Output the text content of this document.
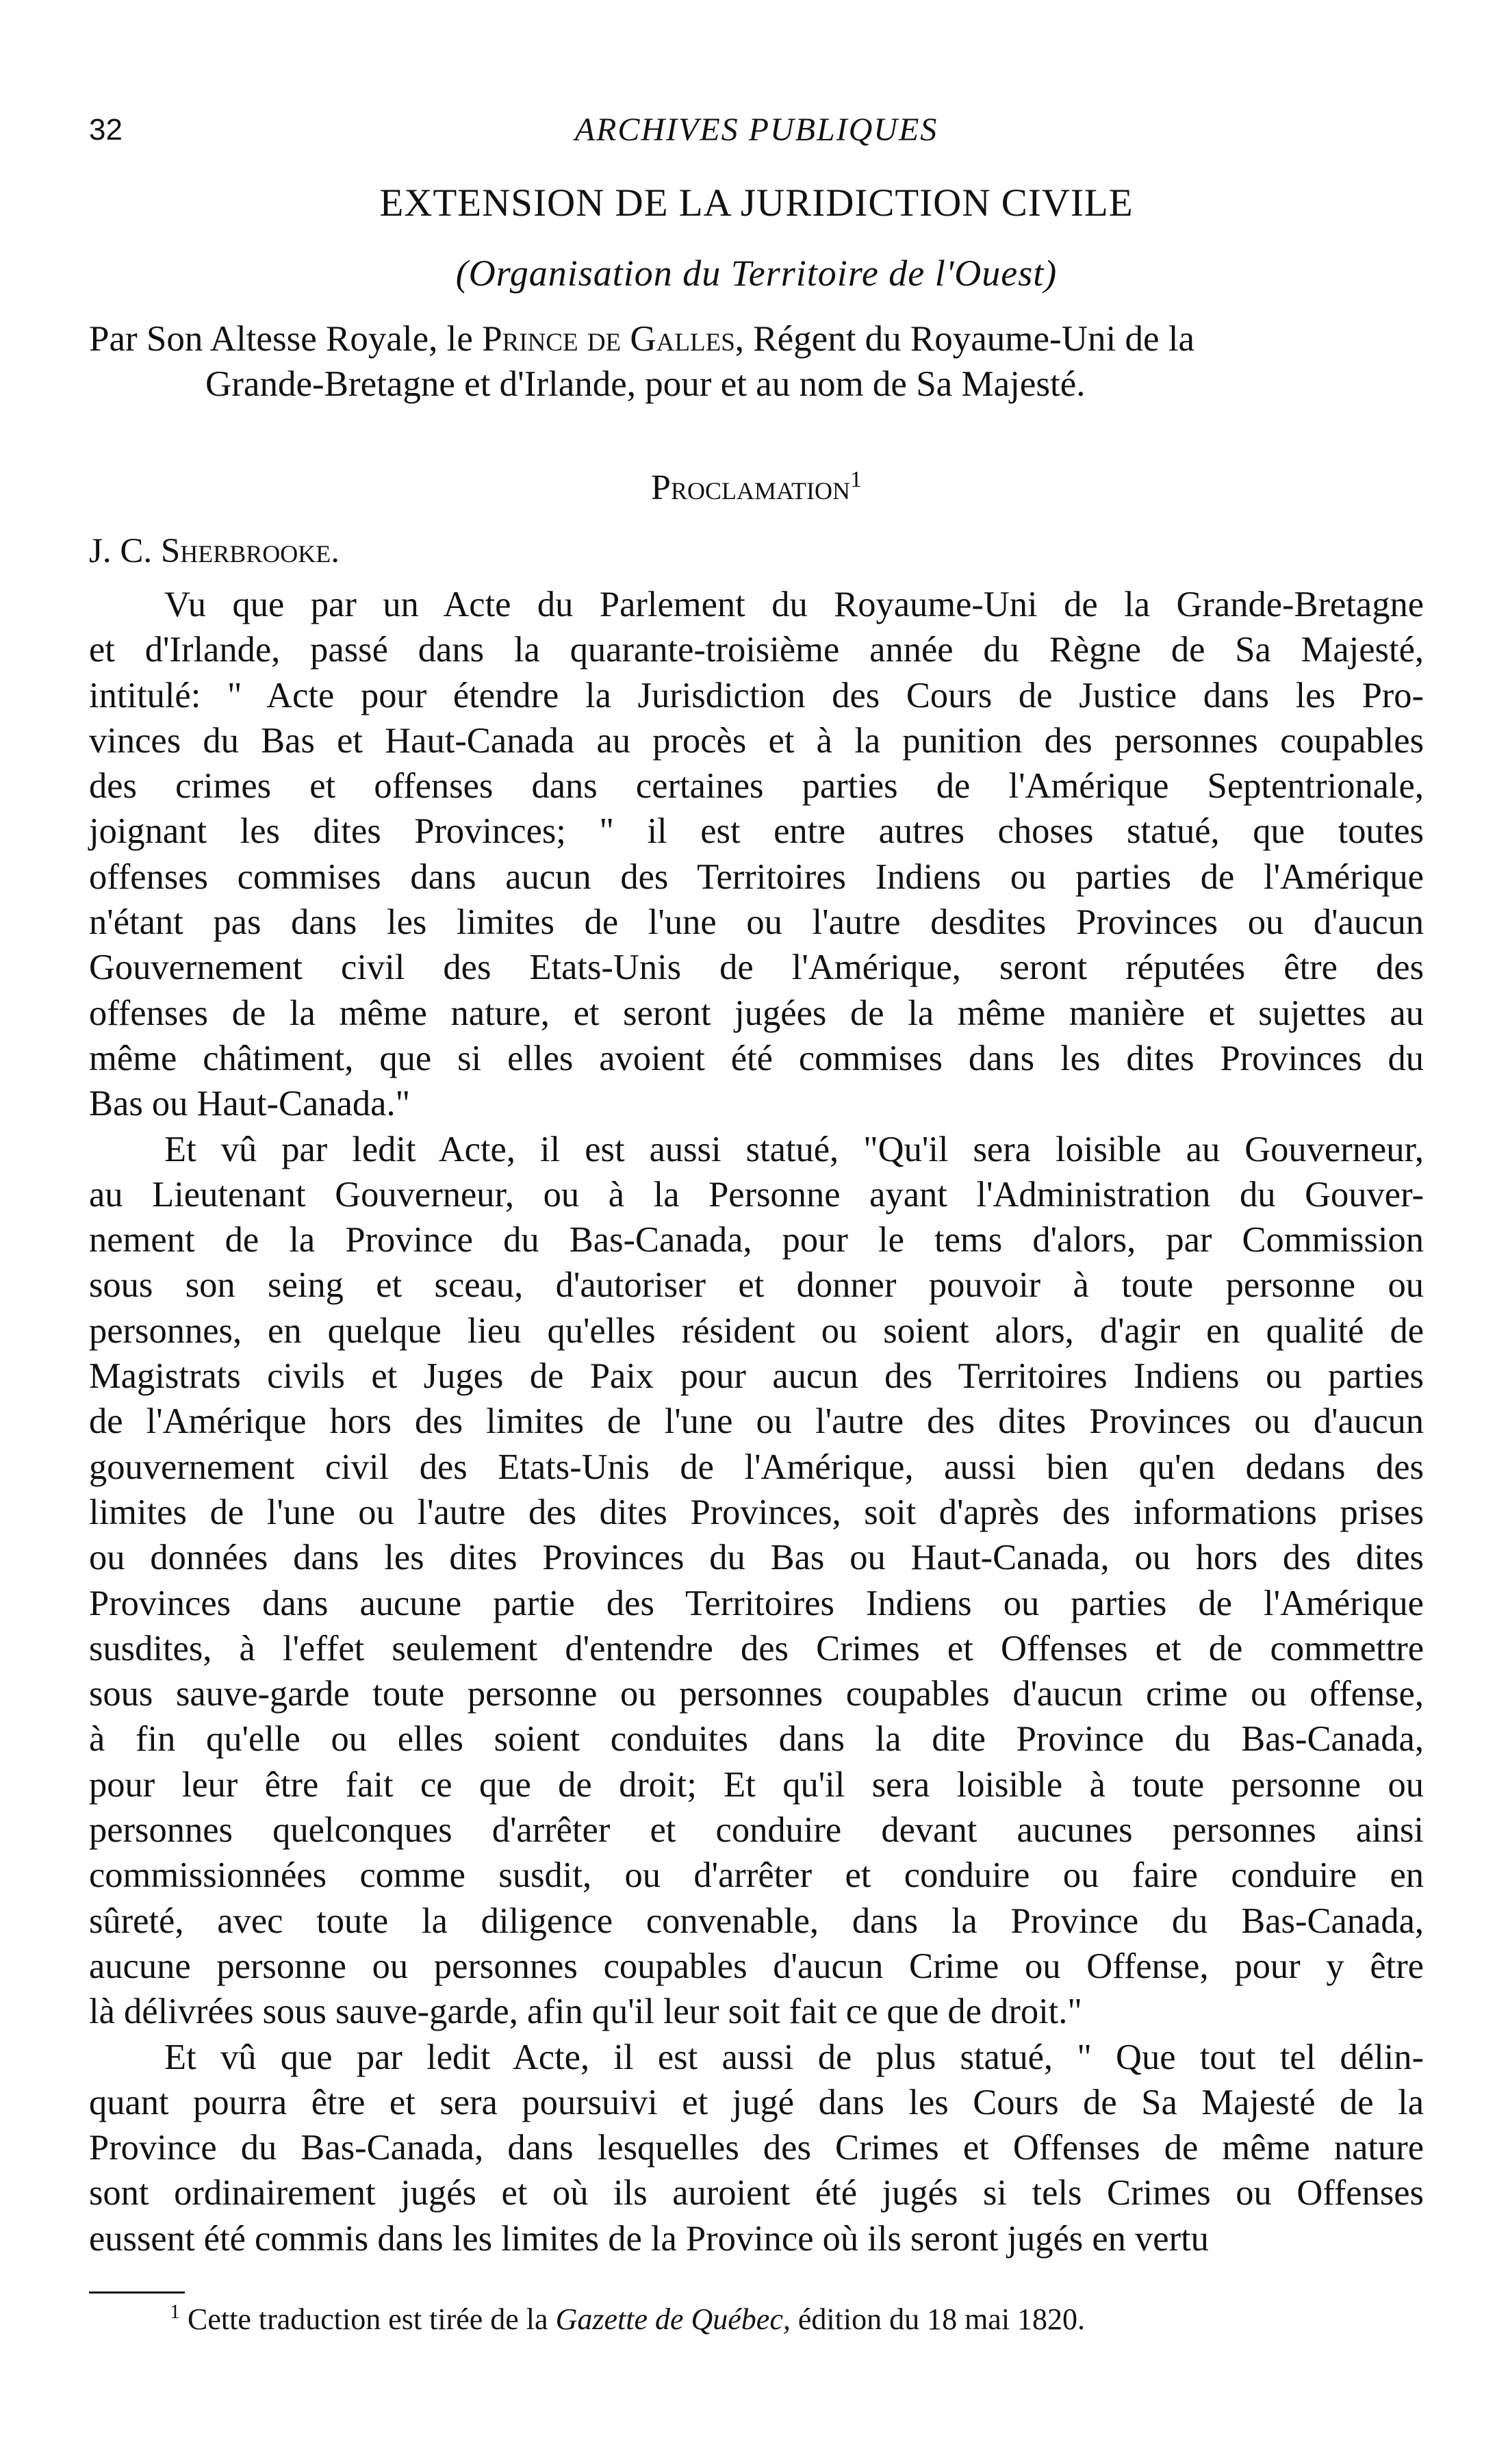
32	ARCHIVES PUBLIQUES
EXTENSION DE LA JURIDICTION CIVILE
(Organisation du Territoire de l'Ouest)
Par Son Altesse Royale, le Prince de Galles, Régent du Royaume-Uni de la
Grande-Bretagne et d'Irlande, pour et au nom de Sa Majesté.
Proclamation$^1$
J. C. Sherbrooke.
Vu que par un Acte du Parlement du Royaume-Uni de la Grande-Bretagne
et d'Irlande, passé dans la quarante-troisième année du Règne de Sa Majesté,
intitulé: " Acte pour étendre la Jurisdiction des Cours de Justice dans les Pro-
vinces du Bas et Haut-Canada au procès et à la punition des personnes coupables
des crimes et offenses dans certaines parties de l'Amérique Septentrionale,
joignant les dites Provinces; " il est entre autres choses statué, que toutes
offenses commises dans aucun des Territoires Indiens ou parties de l'Amérique
n'étant pas dans les limites de l'une ou l'autre desdites Provinces ou d'aucun
Gouvernement civil des Etats-Unis de l'Amérique, seront réputées être des
offenses de la même nature, et seront jugées de la même manière et sujettes au
même châtiment, que si elles avoient été commises dans les dites Provinces du
Bas ou Haut-Canada."
Et vû par ledit Acte, il est aussi statué, "Qu'il sera loisible au Gouverneur,
au Lieutenant Gouverneur, ou à la Personne ayant l'Administration du Gouver-
nement de la Province du Bas-Canada, pour le tems d'alors, par Commission
sous son seing et sceau, d'autoriser et donner pouvoir à toute personne ou
personnes, en quelque lieu qu'elles résident ou soient alors, d'agir en qualité de
Magistrats civils et Juges de Paix pour aucun des Territoires Indiens ou parties
de l'Amérique hors des limites de l'une ou l'autre des dites Provinces ou d'aucun
gouvernement civil des Etats-Unis de l'Amérique, aussi bien qu'en dedans des
limites de l'une ou l'autre des dites Provinces, soit d'après des informations prises
ou données dans les dites Provinces du Bas ou Haut-Canada, ou hors des dites
Provinces dans aucune partie des Territoires Indiens ou parties de l'Amérique
susdites, à l'effet seulement d'entendre des Crimes et Offenses et de commettre
sous sauve-garde toute personne ou personnes coupables d'aucun crime ou offense,
à fin qu'elle ou elles soient conduites dans la dite Province du Bas-Canada,
pour leur être fait ce que de droit; Et qu'il sera loisible à toute personne ou
personnes quelconques d'arrêter et conduire devant aucunes personnes ainsi
commissionnées comme susdit, ou d'arrêter et conduire ou faire conduire en
sûreté, avec toute la diligence convenable, dans la Province du Bas-Canada,
aucune personne ou personnes coupables d'aucun Crime ou Offense, pour y être
là délivrées sous sauve-garde, afin qu'il leur soit fait ce que de droit."
Et vû que par ledit Acte, il est aussi de plus statué, " Que tout tel délin-
quant pourra être et sera poursuivi et jugé dans les Cours de Sa Majesté de la
Province du Bas-Canada, dans lesquelles des Crimes et Offenses de même nature
sont ordinairement jugés et où ils auroient été jugés si tels Crimes ou Offenses
eussent été commis dans les limites de la Province où ils seront jugés en vertu
$^1$ Cette traduction est tirée de la Gazette de Québec, édition du 18 mai 1820.
